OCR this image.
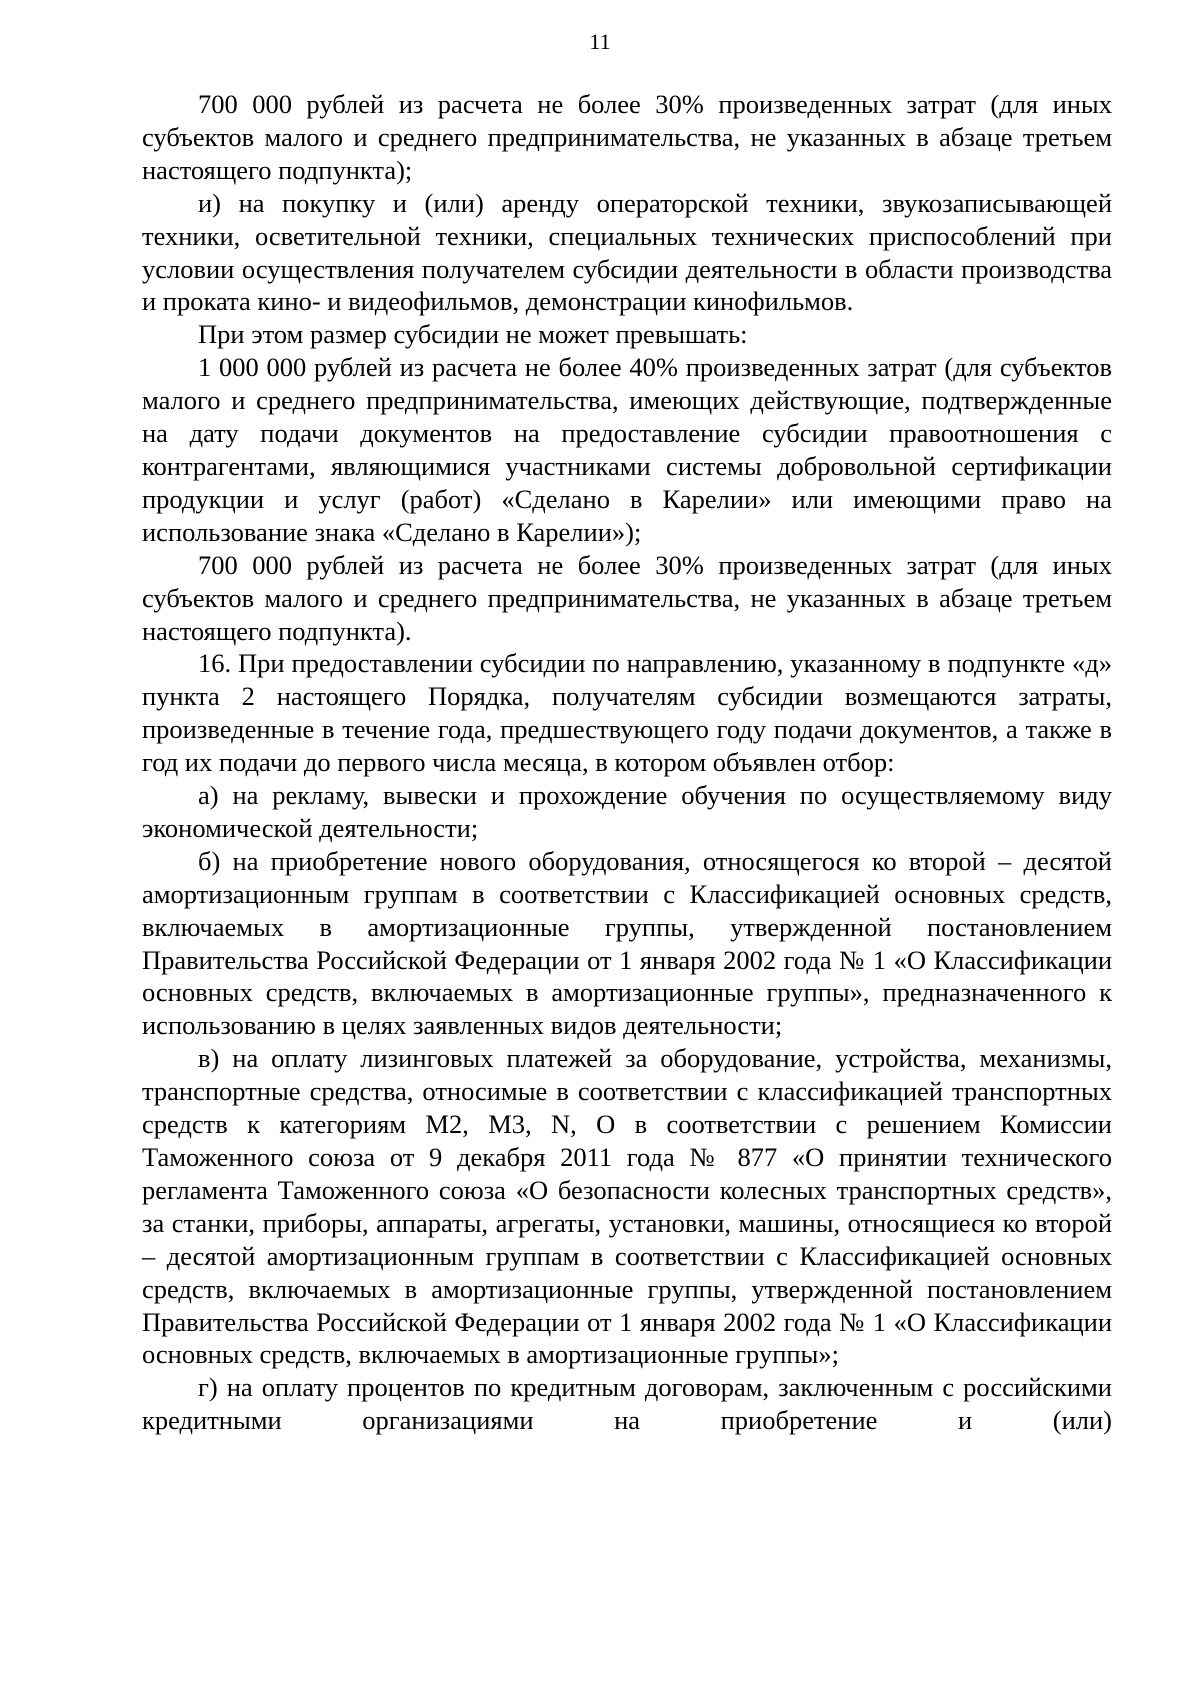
11

700 000 рублей из расчета не более 30% произведенных затрат (для иных субъектов малого и среднего предпринимательства, не указанных в абзаце третьем настоящего подпункта);

и) на покупку и (или) аренду операторской техники, звукозаписывающей техники, осветительной техники, специальных технических приспособлений при условии осуществления получателем субсидии деятельности в области производства и проката кино- и видеофильмов, демонстрации кинофильмов.

При этом размер субсидии не может превышать:

1 000 000 рублей из расчета не более 40% произведенных затрат (для субъектов малого и среднего предпринимательства, имеющих действующие, подтвержденные на дату подачи документов на предоставление субсидии правоотношения с контрагентами, являющимися участниками системы добровольной сертификации продукции и услуг (работ) «Сделано в Карелии» или имеющими право на использование знака «Сделано в Карелии»);

700 000 рублей из расчета не более 30% произведенных затрат (для иных субъектов малого и среднего предпринимательства, не указанных в абзаце третьем настоящего подпункта).

16. При предоставлении субсидии по направлению, указанному в подпункте «д» пункта 2 настоящего Порядка, получателям субсидии возмещаются затраты, произведенные в течение года, предшествующего году подачи документов, а также в год их подачи до первого числа месяца, в котором объявлен отбор:

а) на рекламу, вывески и прохождение обучения по осуществляемому виду экономической деятельности;

б) на приобретение нового оборудования, относящегося ко второй – десятой амортизационным группам в соответствии с Классификацией основных средств, включаемых в амортизационные группы, утвержденной постановлением Правительства Российской Федерации от 1 января 2002 года № 1 «О Классификации основных средств, включаемых в амортизационные группы», предназначенного к использованию в целях заявленных видов деятельности;

в) на оплату лизинговых платежей за оборудование, устройства, механизмы, транспортные средства, относимые в соответствии с классификацией транспортных средств к категориям М2, М3, N, О в соответствии с решением Комиссии Таможенного союза от 9 декабря 2011 года № 877 «О принятии технического регламента Таможенного союза «О безопасности колесных транспортных средств», за станки, приборы, аппараты, агрегаты, установки, машины, относящиеся ко второй – десятой амортизационным группам в соответствии с Классификацией основных средств, включаемых в амортизационные группы, утвержденной постановлением Правительства Российской Федерации от 1 января 2002 года № 1 «О Классификации основных средств, включаемых в амортизационные группы»;

г) на оплату процентов по кредитным договорам, заключенным с российскими кредитными организациями на приобретение и (или)
